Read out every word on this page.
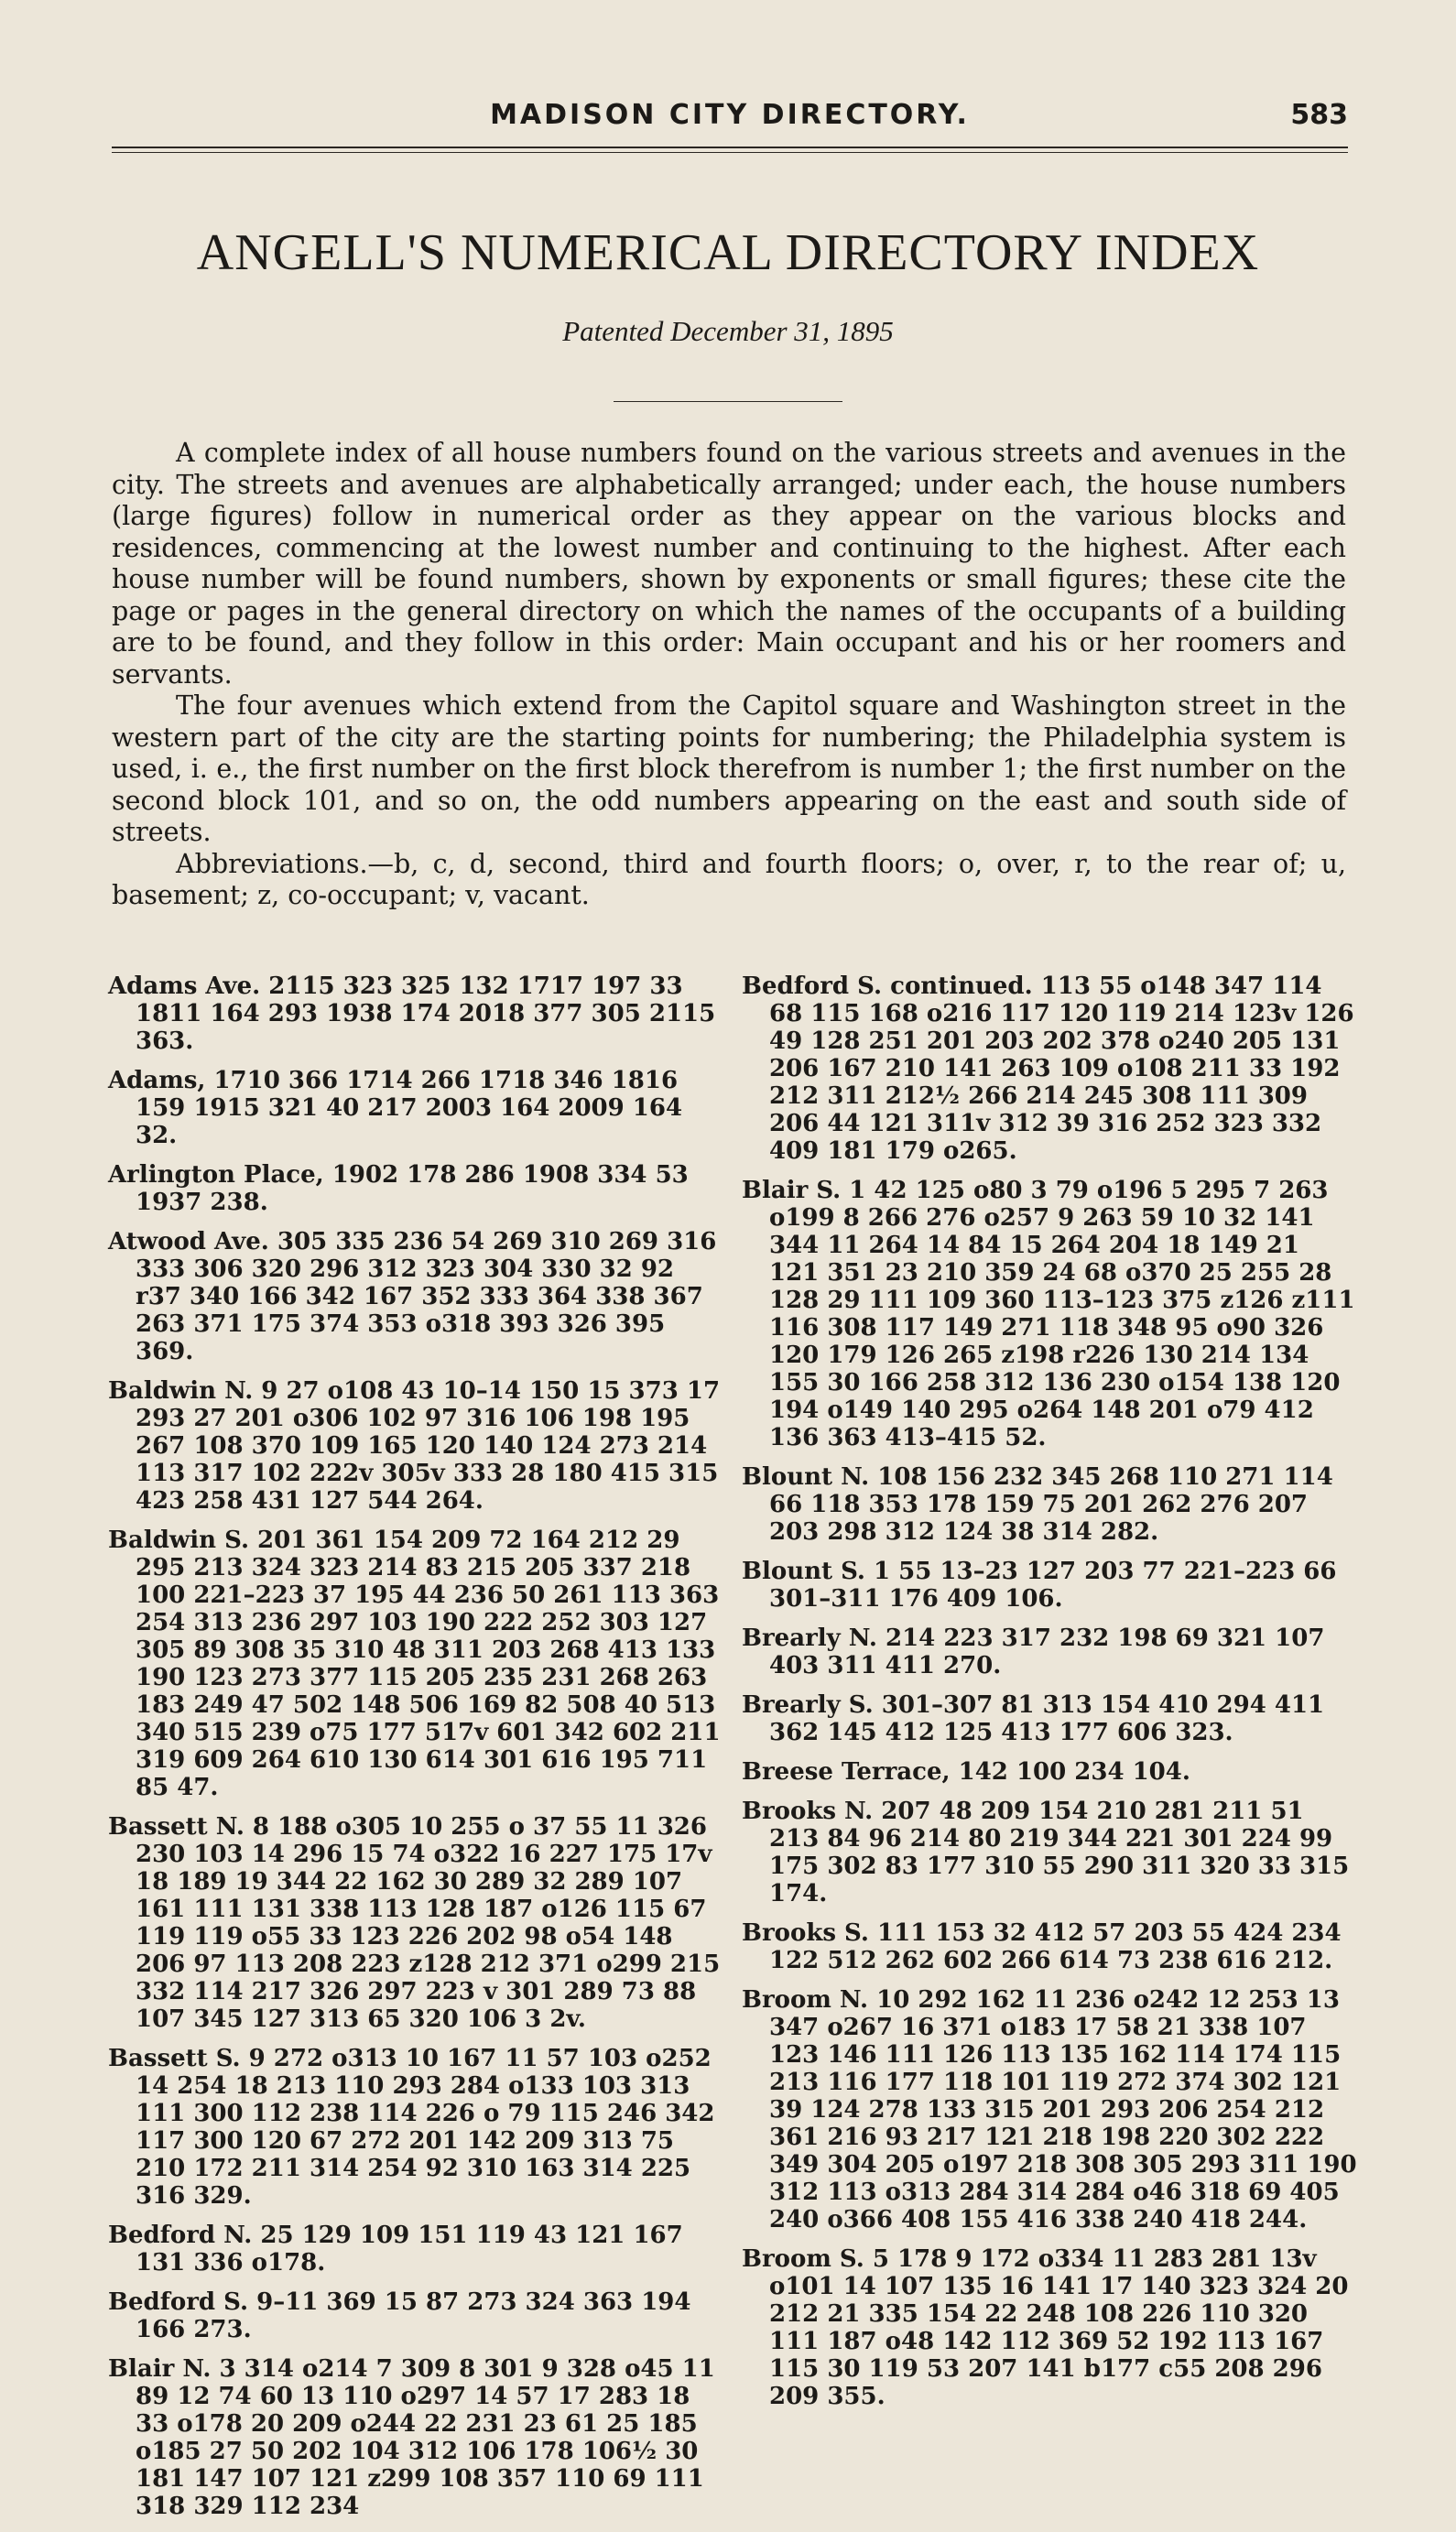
MADISON CITY DIRECTORY.	583
ANGELL'S NUMERICAL DIRECTORY INDEX
Patented December 31, 1895

A complete index of all house numbers found on the various streets and avenues in the city. The streets and avenues are alphabetically arranged; under each, the house numbers (large figures) follow in numerical order as they appear on the various blocks and residences, commencing at the lowest number and continuing to the highest. After each house number will be found numbers, shown by exponents or small figures; these cite the page or pages in the general directory on which the names of the occupants of a building are to be found, and they follow in this order: Main occupant and his or her roomers and servants.

The four avenues which extend from the Capitol square and Washington street in the western part of the city are the starting points for numbering; the Philadelphia system is used, i. e., the first number on the first block therefrom is number 1; the first number on the second block 101, and so on, the odd numbers appearing on the east and south side of streets.

Abbreviations.—b, c, d, second, third and fourth floors; o, over, r, to the rear of; u, basement; z, co-occupant; v, vacant.

Adams Ave. 2115 323 325 132 1717 197 33 1811 164 293 1938 174 2018 377 305 2115 363.
Adams, 1710 366 1714 266 1718 346 1816 159 1915 321 40 217 2003 164 2009 164 32.
Arlington Place, 1902 178 286 1908 334 53 1937 238.
Atwood Ave. 305 335 236 54 269 310 269 316 333 306 320 296 312 323 304 330 32 92 r37 340 166 342 167 352 333 364 338 367 263 371 175 374 353 o318 393 326 395 369.
Baldwin N. 9 27 o108 43 10–14 150 15 373 17 293 27 201 o306 102 97 316 106 198 195 267 108 370 109 165 120 140 124 273 214 113 317 102 222v 305v 333 28 180 415 315 423 258 431 127 544 264.
Baldwin S. 201 361 154 209 72 164 212 29 295 213 324 323 214 83 215 205 337 218 100 221–223 37 195 44 236 50 261 113 363 254 313 236 297 103 190 222 252 303 127 305 89 308 35 310 48 311 203 268 413 133 190 123 273 377 115 205 235 231 268 263 183 249 47 502 148 506 169 82 508 40 513 340 515 239 o75 177 517v 601 342 602 211 319 609 264 610 130 614 301 616 195 711 85 47.
Bassett N. 8 188 o305 10 255 o 37 55 11 326 230 103 14 296 15 74 o322 16 227 175 17v 18 189 19 344 22 162 30 289 32 289 107 161 111 131 338 113 128 187 o126 115 67 119 119 o55 33 123 226 202 98 o54 148 206 97 113 208 223 z128 212 371 o299 215 332 114 217 326 297 223 v 301 289 73 88 107 345 127 313 65 320 106 3 2v.
Bassett S. 9 272 o313 10 167 11 57 103 o252 14 254 18 213 110 293 284 o133 103 313 111 300 112 238 114 226 o 79 115 246 342 117 300 120 67 272 201 142 209 313 75 210 172 211 314 254 92 310 163 314 225 316 329.
Bedford N. 25 129 109 151 119 43 121 167 131 336 o178.
Bedford S. 9–11 369 15 87 273 324 363 194 166 273.
Blair N. 3 314 o214 7 309 8 301 9 328 o45 11 89 12 74 60 13 110 o297 14 57 17 283 18 33 o178 20 209 o244 22 231 23 61 25 185 o185 27 50 202 104 312 106 178 106½ 30 181 147 107 121 z299 108 357 110 69 111 318 329 112 234
Bedford S. continued. 113 55 o148 347 114 68 115 168 o216 117 120 119 214 123v 126 49 128 251 201 203 202 378 o240 205 131 206 167 210 141 263 109 o108 211 33 192 212 311 212½ 266 214 245 308 111 309 206 44 121 311v 312 39 316 252 323 332 409 181 179 o265.
Blair S. 1 42 125 o80 3 79 o196 5 295 7 263 o199 8 266 276 o257 9 263 59 10 32 141 344 11 264 14 84 15 264 204 18 149 21 121 351 23 210 359 24 68 o370 25 255 28 128 29 111 109 360 113–123 375 z126 z111 116 308 117 149 271 118 348 95 o90 326 120 179 126 265 z198 r226 130 214 134 155 30 166 258 312 136 230 o154 138 120 194 o149 140 295 o264 148 201 o79 412 136 363 413–415 52.
Blount N. 108 156 232 345 268 110 271 114 66 118 353 178 159 75 201 262 276 207 203 298 312 124 38 314 282.
Blount S. 1 55 13–23 127 203 77 221–223 66 301–311 176 409 106.
Brearly N. 214 223 317 232 198 69 321 107 403 311 411 270.
Brearly S. 301–307 81 313 154 410 294 411 362 145 412 125 413 177 606 323.
Breese Terrace, 142 100 234 104.
Brooks N. 207 48 209 154 210 281 211 51 213 84 96 214 80 219 344 221 301 224 99 175 302 83 177 310 55 290 311 320 33 315 174.
Brooks S. 111 153 32 412 57 203 55 424 234 122 512 262 602 266 614 73 238 616 212.
Broom N. 10 292 162 11 236 o242 12 253 13 347 o267 16 371 o183 17 58 21 338 107 123 146 111 126 113 135 162 114 174 115 213 116 177 118 101 119 272 374 302 121 39 124 278 133 315 201 293 206 254 212 361 216 93 217 121 218 198 220 302 222 349 304 205 o197 218 308 305 293 311 190 312 113 o313 284 314 284 o46 318 69 405 240 o366 408 155 416 338 240 418 244.
Broom S. 5 178 9 172 o334 11 283 281 13v o101 14 107 135 16 141 17 140 323 324 20 212 21 335 154 22 248 108 226 110 320 111 187 o48 142 112 369 52 192 113 167 115 30 119 53 207 141 b177 c55 208 296 209 355.
